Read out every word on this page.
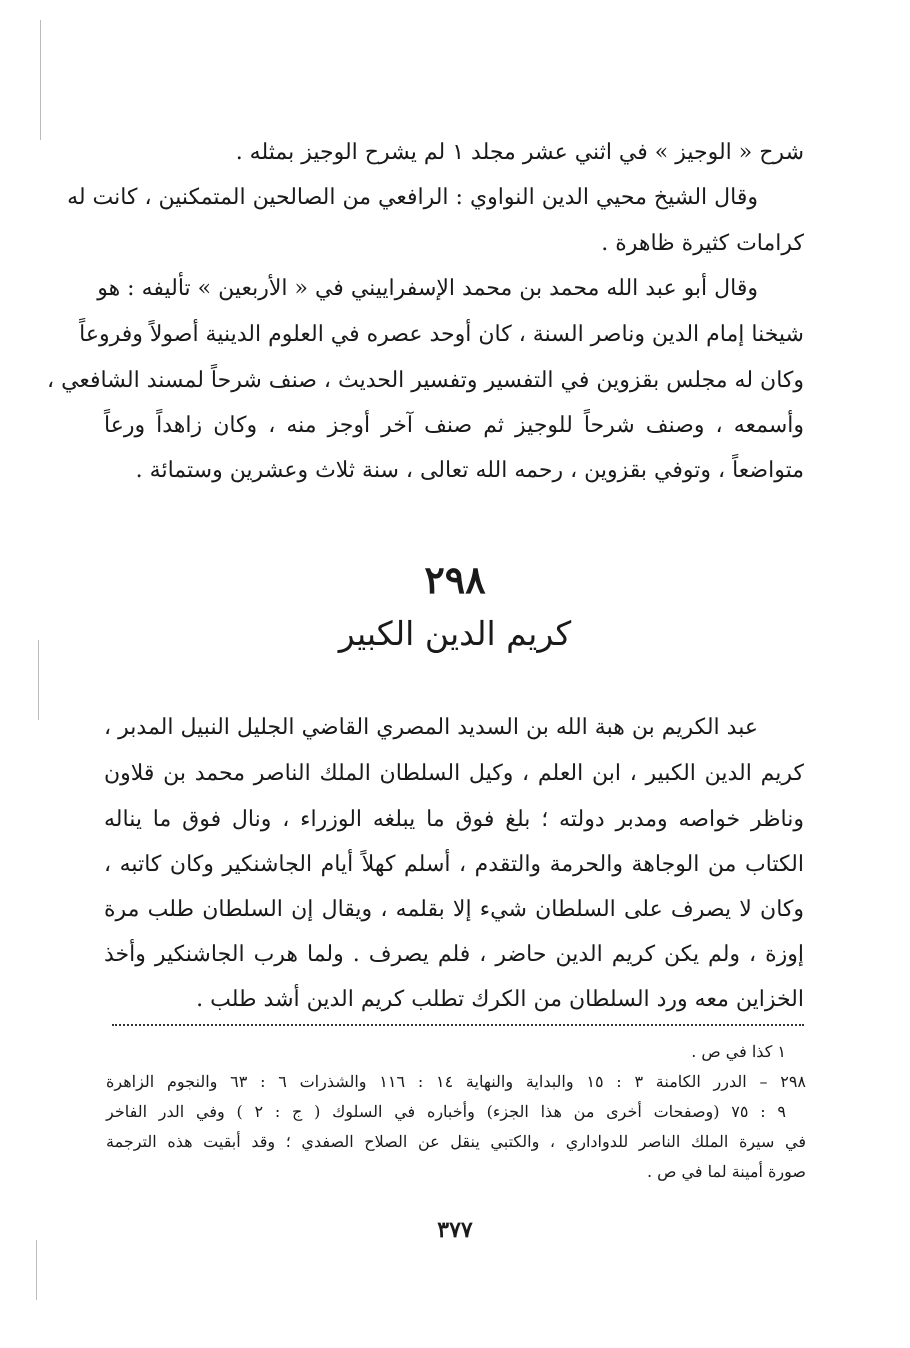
شرح « الوجيز » في اثني عشر مجلد ١ لم يشرح الوجيز بمثله .
وقال الشيخ محيي الدين النواوي : الرافعي من الصالحين المتمكنين ، كانت له
كرامات كثيرة ظاهرة .
وقال أبو عبد الله محمد بن محمد الإسفراييني في « الأربعين » تأليفه : هو
شيخنا إمام الدين وناصر السنة ، كان أوحد عصره في العلوم الدينية أصولاً وفروعاً
وكان له مجلس بقزوين في التفسير وتفسير الحديث ، صنف شرحاً لمسند الشافعي ،
وأسمعه ، وصنف شرحاً للوجيز ثم صنف آخر أوجز منه ، وكان زاهداً ورعاً
متواضعاً ، وتوفي بقزوين ، رحمه الله تعالى ، سنة ثلاث وعشرين وستمائة .
٢٩٨
كريم الدين الكبير
عبد الكريم بن هبة الله بن السديد المصري القاضي الجليل النبيل المدبر ،
كريم الدين الكبير ، ابن العلم ، وكيل السلطان الملك الناصر محمد بن قلاون
وناظر خواصه ومدبر دولته ؛ بلغ فوق ما يبلغه الوزراء ، ونال فوق ما يناله
الكتاب من الوجاهة والحرمة والتقدم ، أسلم كهلاً أيام الجاشنكير وكان كاتبه ،
وكان لا يصرف على السلطان شيء إلا بقلمه ، ويقال إن السلطان طلب مرة
إوزة ، ولم يكن كريم الدين حاضر ، فلم يصرف . ولما هرب الجاشنكير وأخذ
الخزاين معه ورد السلطان من الكرك تطلب كريم الدين أشد طلب .
١ كذا في ص .
٢٩٨ – الدرر الكامنة ٣ : ١٥ والبداية والنهاية ١٤ : ١١٦ والشذرات ٦ : ٦٣ والنجوم الزاهرة
٩ : ٧٥ (وصفحات أخرى من هذا الجزء) وأخباره في السلوك ( ج : ٢ ) وفي الدر الفاخر
في سيرة الملك الناصر للدواداري ، والكتبي ينقل عن الصلاح الصفدي ؛ وقد أبقيت هذه الترجمة
صورة أمينة لما في ص .
٣٧٧
